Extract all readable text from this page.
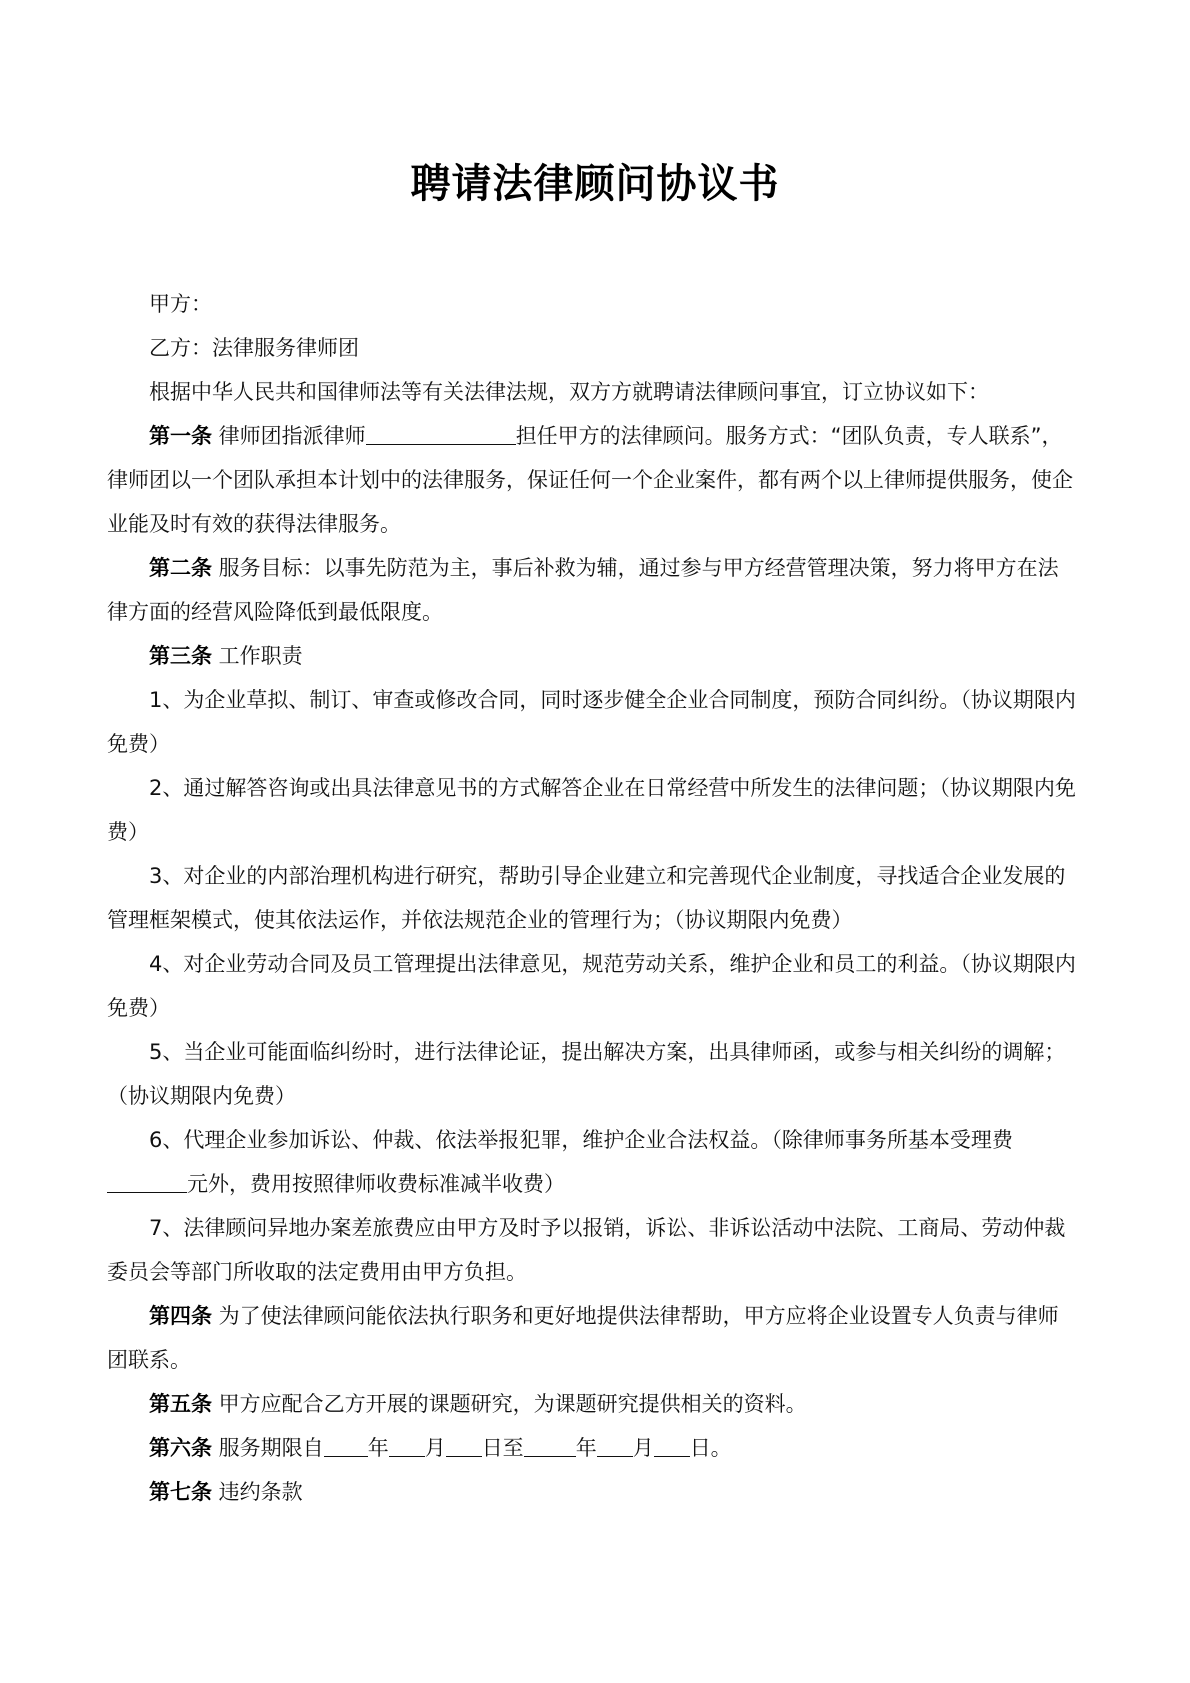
聘请法律顾问协议书

甲方：

乙方：法律服务律师团

根据中华人民共和国律师法等有关法律法规，双方方就聘请法律顾问事宜，订立协议如下：

第一条 律师团指派律师	担任甲方的法律顾问。服务方式：“团队负责，专人联系”，律师团以一个团队承担本计划中的法律服务，保证任何一个企业案件，都有两个以上律师提供服务，使企业能及时有效的获得法律服务。

第二条 服务目标：以事先防范为主，事后补救为辅，通过参与甲方经营管理决策，努力将甲方在法律方面的经营风险降低到最低限度。

第三条 工作职责

1、为企业草拟、制订、审查或修改合同，同时逐步健全企业合同制度，预防合同纠纷。（协议期限内免费）

2、通过解答咨询或出具法律意见书的方式解答企业在日常经营中所发生的法律问题；（协议期限内免费）

3、对企业的内部治理机构进行研究，帮助引导企业建立和完善现代企业制度，寻找适合企业发展的管理框架模式，使其依法运作，并依法规范企业的管理行为；（协议期限内免费）

4、对企业劳动合同及员工管理提出法律意见，规范劳动关系，维护企业和员工的利益。（协议期限内免费）

5、当企业可能面临纠纷时，进行法律论证，提出解决方案，出具律师函，或参与相关纠纷的调解；（协议期限内免费）

6、代理企业参加诉讼、仲裁、依法举报犯罪，维护企业合法权益。（除律师事务所基本受理费元外，费用按照律师收费标准减半收费）

7、法律顾问异地办案差旅费应由甲方及时予以报销，诉讼、非诉讼活动中法院、工商局、劳动仲裁委员会等部门所收取的法定费用由甲方负担。

第四条 为了使法律顾问能依法执行职务和更好地提供法律帮助，甲方应将企业设置专人负责与律师团联系。

第五条 甲方应配合乙方开展的课题研究，为课题研究提供相关的资料。

第六条 服务期限自 年 月 日至 年 月 日。

第七条 违约条款
